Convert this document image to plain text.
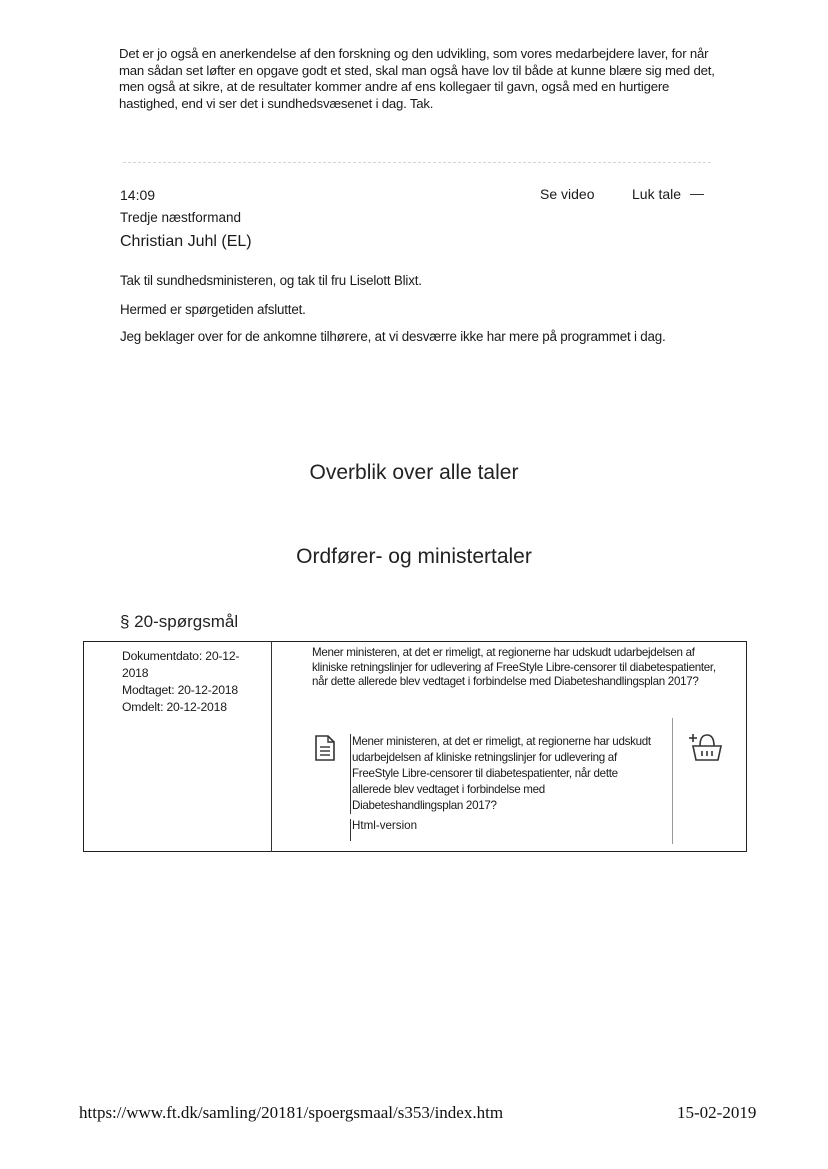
Det er jo også en anerkendelse af den forskning og den udvikling, som vores medarbejdere laver, for når man sådan set løfter en opgave godt et sted, skal man også have lov til både at kunne blære sig med det, men også at sikre, at de resultater kommer andre af ens kollegaer til gavn, også med en hurtigere hastighed, end vi ser det i sundhedsvæsenet i dag. Tak.
14:09	Se video	Luk tale
Tredje næstformand
Christian Juhl (EL)
Tak til sundhedsministeren, og tak til fru Liselott Blixt.
Hermed er spørgetiden afsluttet.
Jeg beklager over for de ankomne tilhørere, at vi desværre ikke har mere på programmet i dag.
Overblik over alle taler
Ordfører- og ministertaler
§ 20-spørgsmål
Dokumentdato: 20-12-2018
Modtaget: 20-12-2018
Omdelt: 20-12-2018
Mener ministeren, at det er rimeligt, at regionerne har udskudt udarbejdelsen af kliniske retningslinjer for udlevering af FreeStyle Libre-censorer til diabetespatienter, når dette allerede blev vedtaget i forbindelse med Diabeteshandlingsplan 2017?
Mener ministeren, at det er rimeligt, at regionerne har udskudt udarbejdelsen af kliniske retningslinjer for udlevering af FreeStyle Libre-censorer til diabetespatienter, når dette allerede blev vedtaget i forbindelse med Diabeteshandlingsplan 2017?
Html-version
https://www.ft.dk/samling/20181/spoergsmaal/s353/index.htm	15-02-2019
